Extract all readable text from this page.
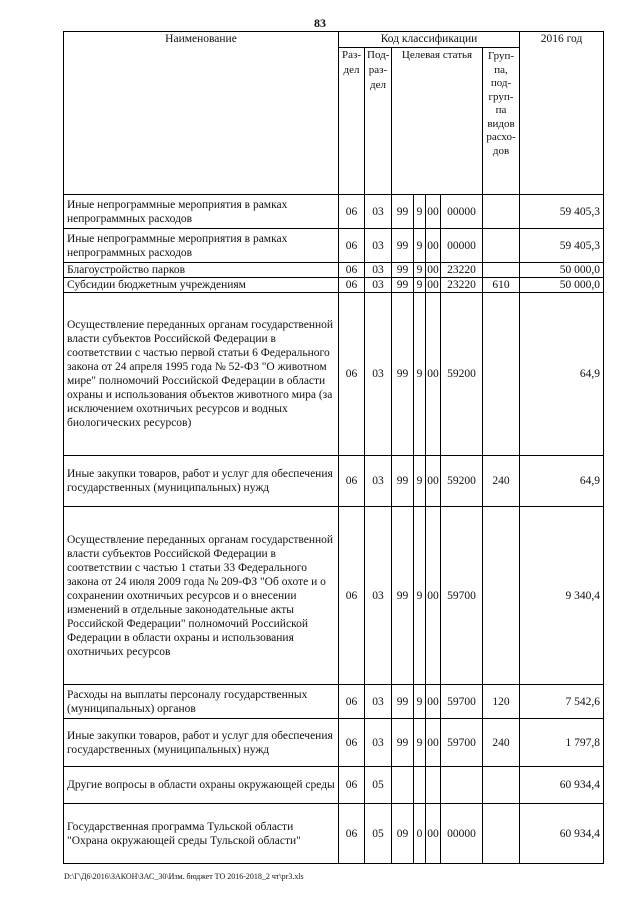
83
Наименование	Код классификации							2016 год
	Раз-дел	Под-раз-дел	Целевая статья				Груп-па, под-груп-па видов расхо-дов	
Иные непрограммные мероприятия в рамках непрограммных расходов	06	03	99	9	00	00000		59 405,3
Иные непрограммные мероприятия в рамках непрограммных расходов	06	03	99	9	00	00000		59 405,3
Благоустройство парков	06	03	99	9	00	23220		50 000,0
Субсидии бюджетным учреждениям	06	03	99	9	00	23220	610	50 000,0
Осуществление переданных органам государственной власти субъектов Российской Федерации в соответствии с частью первой статьи 6 Федерального закона от 24 апреля 1995 года № 52-ФЗ "О животном мире" полномочий Российской Федерации в области охраны и использования объектов животного мира (за исключением охотничьих ресурсов и водных биологических ресурсов)	06	03	99	9	00	59200		64,9
Иные закупки товаров, работ и услуг для обеспечения государственных (муниципальных) нужд	06	03	99	9	00	59200	240	64,9
Осуществление переданных органам государственной власти субъектов Российской Федерации в соответствии с частью 1 статьи 33 Федерального закона от 24 июля 2009 года № 209-ФЗ "Об охоте и о сохранении охотничьих ресурсов и о внесении изменений в отдельные законодательные акты Российской Федерации" полномочий Российской Федерации в области охраны и использования охотничьих ресурсов	06	03	99	9	00	59700		9 340,4
Расходы на выплаты персоналу государственных (муниципальных) органов	06	03	99	9	00	59700	120	7 542,6
Иные закупки товаров, работ и услуг для обеспечения государственных (муниципальных) нужд	06	03	99	9	00	59700	240	1 797,8
Другие вопросы в области охраны окружающей среды	06	05						60 934,4
Государственная программа Тульской области "Охрана окружающей среды Тульской области"	06	05	09	0	00	00000		60 934,4
D:\Г\Д6\2016\ЗАКОН\ЗАС_30\Изм. бюджет ТО 2016-2018_2 чт\pr3.xls
